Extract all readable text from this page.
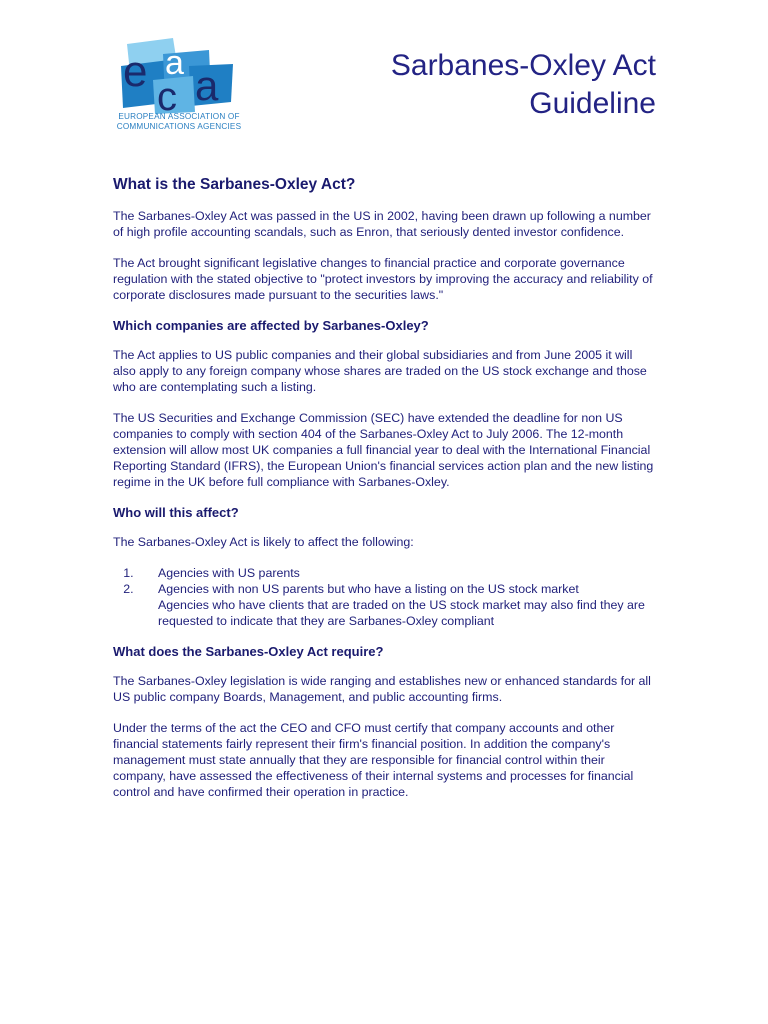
e a
c a
EUROPEAN ASSOCIATION OF
COMMUNICATIONS AGENCIES
Sarbanes-Oxley Act
Guideline
What is the Sarbanes-Oxley Act?

The Sarbanes-Oxley Act was passed in the US in 2002, having been drawn up following a number of high profile accounting scandals, such as Enron, that seriously dented investor confidence.

The Act brought significant legislative changes to financial practice and corporate governance regulation with the stated objective to "protect investors by improving the accuracy and reliability of corporate disclosures made pursuant to the securities laws."

Which companies are affected by Sarbanes-Oxley?

The Act applies to US public companies and their global subsidiaries and from June 2005 it will also apply to any foreign company whose shares are traded on the US stock exchange and those who are contemplating such a listing.

The US Securities and Exchange Commission (SEC) have extended the deadline for non US companies to comply with section 404 of the Sarbanes-Oxley Act to July 2006. The 12-month extension will allow most UK companies a full financial year to deal with the International Financial Reporting Standard (IFRS), the European Union's financial services action plan and the new listing regime in the UK before full compliance with Sarbanes-Oxley.

Who will this affect?

The Sarbanes-Oxley Act is likely to affect the following:

1. Agencies with US parents
2. Agencies with non US parents but who have a listing on the US stock market
Agencies who have clients that are traded on the US stock market may also find they are requested to indicate that they are Sarbanes-Oxley compliant
What does the Sarbanes-Oxley Act require?

The Sarbanes-Oxley legislation is wide ranging and establishes new or enhanced standards for all US public company Boards, Management, and public accounting firms.

Under the terms of the act the CEO and CFO must certify that company accounts and other financial statements fairly represent their firm's financial position. In addition the company's management must state annually that they are responsible for financial control within their company, have assessed the effectiveness of their internal systems and processes for financial control and have confirmed their operation in practice.
